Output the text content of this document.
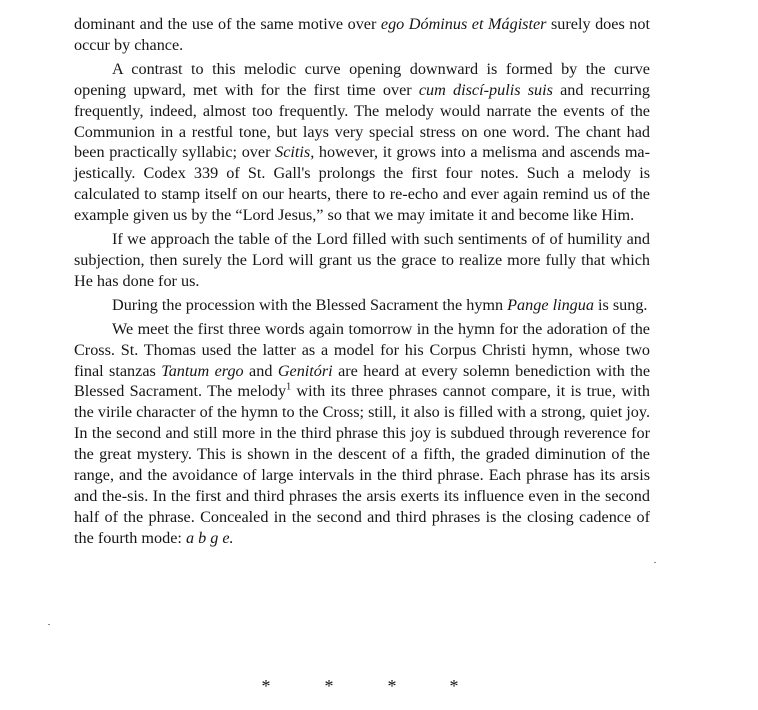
dominant and the use of the same motive over ego Dóminus et Mágister surely does not occur by chance.

A contrast to this melodic curve opening downward is formed by the curve opening upward, met with for the first time over cum discí-pulis suis and recurring frequently, indeed, almost too frequently. The melody would narrate the events of the Communion in a restful tone, but lays very special stress on one word. The chant had been practically syllabic; over Scitis, however, it grows into a melisma and ascends ma-jestically. Codex 339 of St. Gall's prolongs the first four notes. Such a melody is calculated to stamp itself on our hearts, there to re-echo and ever again remind us of the example given us by the “Lord Jesus,” so that we may imitate it and become like Him.

If we approach the table of the Lord filled with such sentiments of of humility and subjection, then surely the Lord will grant us the grace to realize more fully that which He has done for us.

During the procession with the Blessed Sacrament the hymn Pange lingua is sung.

We meet the first three words again tomorrow in the hymn for the adoration of the Cross. St. Thomas used the latter as a model for his Corpus Christi hymn, whose two final stanzas Tantum ergo and Genitóri are heard at every solemn benediction with the Blessed Sacrament. The melody$^1$ with its three phrases cannot compare, it is true, with the virile character of the hymn to the Cross; still, it also is filled with a strong, quiet joy. In the second and still more in the third phrase this joy is subdued through reverence for the great mystery. This is shown in the descent of a fifth, the graded diminution of the range, and the avoidance of large intervals in the third phrase. Each phrase has its arsis and the-sis. In the first and third phrases the arsis exerts its influence even in the second half of the phrase. Concealed in the second and third phrases is the closing cadence of the fourth mode: a b g e.

*	*	*	*
